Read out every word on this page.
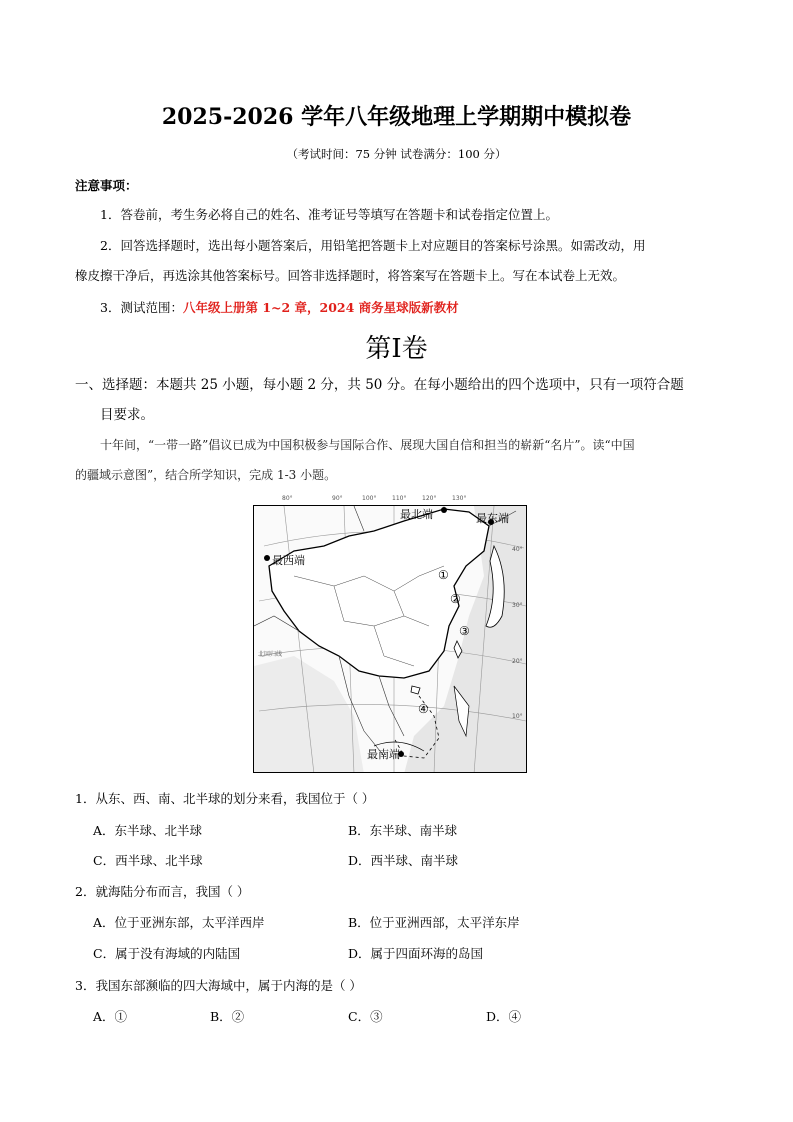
2025-2026 学年八年级地理上学期期中模拟卷
（考试时间：75 分钟 试卷满分：100 分）
注意事项：
1．答卷前，考生务必将自己的姓名、准考证号等填写在答题卡和试卷指定位置上。
2．回答选择题时，选出每小题答案后，用铅笔把答题卡上对应题目的答案标号涂黑。如需改动，用
橡皮擦干净后，再选涂其他答案标号。回答非选择题时，将答案写在答题卡上。写在本试卷上无效。
3．测试范围：八年级上册第 1~2 章，2024 商务星球版新教材
第I卷
一、选择题：本题共 25 小题，每小题 2 分，共 50 分。在每小题给出的四个选项中，只有一项符合题
目要求。
十年间，“一带一路”倡议已成为中国积极参与国际合作、展现大国自信和担当的崭新“名片”。读“中国
的疆域示意图”，结合所学知识，完成 1-3 小题。
80°	90°	100°	110°	120°	130°
最北端	最东端
最西端
最南端
①
②
③
④
北回归线
40°
30°
20°
10°
1．从东、西、南、北半球的划分来看，我国位于（ ）
A．东半球、北半球	B．东半球、南半球
C．西半球、北半球	D．西半球、南半球
2．就海陆分布而言，我国（ ）
A．位于亚洲东部，太平洋西岸	B．位于亚洲西部，太平洋东岸
C．属于没有海域的内陆国	D．属于四面环海的岛国
3．我国东部濒临的四大海域中，属于内海的是（ ）
A．①	B．②	C．③	D．④
